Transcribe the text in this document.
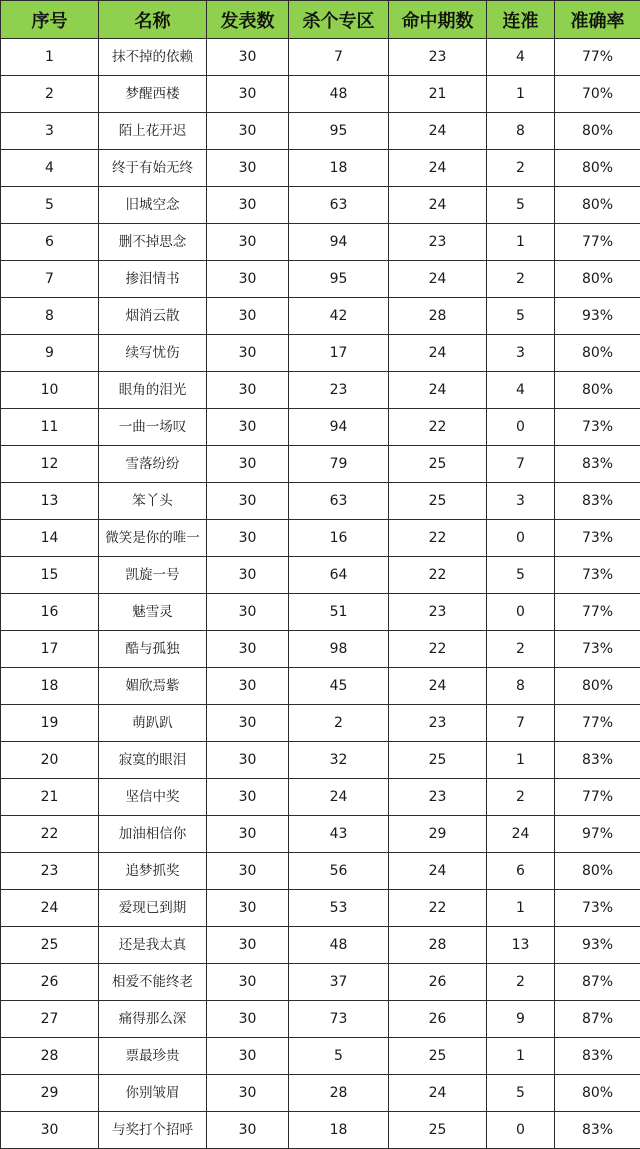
序号	名称	发表数	杀个专区	命中期数	连准	准确率
1	抹不掉的依赖	30	7	23	4	77%
2	梦醒西楼	30	48	21	1	70%
3	陌上花开迟	30	95	24	8	80%
4	终于有始无终	30	18	24	2	80%
5	旧城空念	30	63	24	5	80%
6	删不掉思念	30	94	23	1	77%
7	掺泪情书	30	95	24	2	80%
8	烟消云散	30	42	28	5	93%
9	续写忧伤	30	17	24	3	80%
10	眼角的泪光	30	23	24	4	80%
11	一曲一场叹	30	94	22	0	73%
12	雪落纷纷	30	79	25	7	83%
13	笨丫头	30	63	25	3	83%
14	微笑是你的唯一	30	16	22	0	73%
15	凯旋一号	30	64	22	5	73%
16	魅雪灵	30	51	23	0	77%
17	酷与孤独	30	98	22	2	73%
18	媚欣焉紫	30	45	24	8	80%
19	萌趴趴	30	2	23	7	77%
20	寂寞的眼泪	30	32	25	1	83%
21	坚信中奖	30	24	23	2	77%
22	加油相信你	30	43	29	24	97%
23	追梦抓奖	30	56	24	6	80%
24	爱现已到期	30	53	22	1	73%
25	还是我太真	30	48	28	13	93%
26	相爱不能终老	30	37	26	2	87%
27	痛得那么深	30	73	26	9	87%
28	票最珍贵	30	5	25	1	83%
29	你别皱眉	30	28	24	5	80%
30	与奖打个招呼	30	18	25	0	83%
